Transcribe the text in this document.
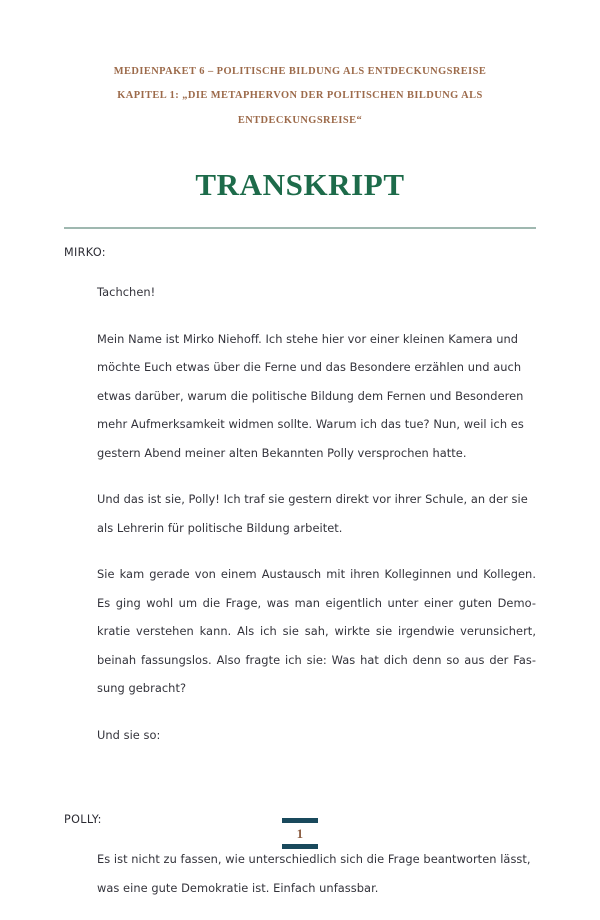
MEDIENPAKET 6 – POLITISCHE BILDUNG ALS ENTDECKUNGSREISE
KAPITEL 1: „DIE METAPHERVON DER POLITISCHEN BILDUNG ALS
ENTDECKUNGSREISE“
TRANSKRIPT

MIRKO:

Tachchen!

Mein Name ist Mirko Niehoff. Ich stehe hier vor einer kleinen Kamera und möchte Euch etwas über die Ferne und das Besondere erzählen und auch etwas darüber, warum die politische Bildung dem Fernen und Besonderen mehr Aufmerksamkeit widmen sollte. Warum ich das tue? Nun, weil ich es gestern Abend meiner alten Bekannten Polly versprochen hatte.

Und das ist sie, Polly! Ich traf sie gestern direkt vor ihrer Schule, an der sie als Lehrerin für politische Bildung arbeitet.

Sie kam gerade von einem Austausch mit ihren Kolleginnen und Kollegen. Es ging wohl um die Frage, was man eigentlich unter einer guten Demo-kratie verstehen kann. Als ich sie sah, wirkte sie irgendwie verunsichert, beinah fassungslos. Also fragte ich sie: Was hat dich denn so aus der Fas-sung gebracht?

Und sie so:

POLLY:

Es ist nicht zu fassen, wie unterschiedlich sich die Frage beantworten lässt, was eine gute Demokratie ist. Einfach unfassbar.

1
